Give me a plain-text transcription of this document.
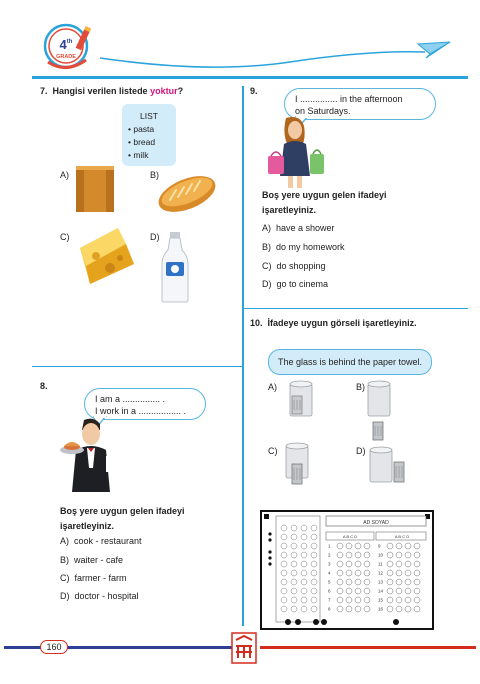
4th
GRADE
7. Hangisi verilen listede yoktur?
LIST
• pasta
• bread
• milk
A)	B)
C)	D)
8.
I am a ............... .
I work in a ................. .
Boş yere uygun gelen ifadeyi
işaretleyiniz.
A) cook - restaurant
B) waiter - cafe
C) farmer - farm
D) doctor - hospital
9.
I ............... in the afternoon
on Saturdays.
Boş yere uygun gelen ifadeyi
işaretleyiniz.
A) have a shower
B) do my homework
C) do shopping
D) go to cinema
10. İfadeye uygun görseli işaretleyiniz.
The glass is behind the paper towel.
A)	B)
C)	D)
AD SOYAD
A B C D	A B C D
1
2
3
4
5
6
7
8
9
10
11
12
13
14
15
16
160
